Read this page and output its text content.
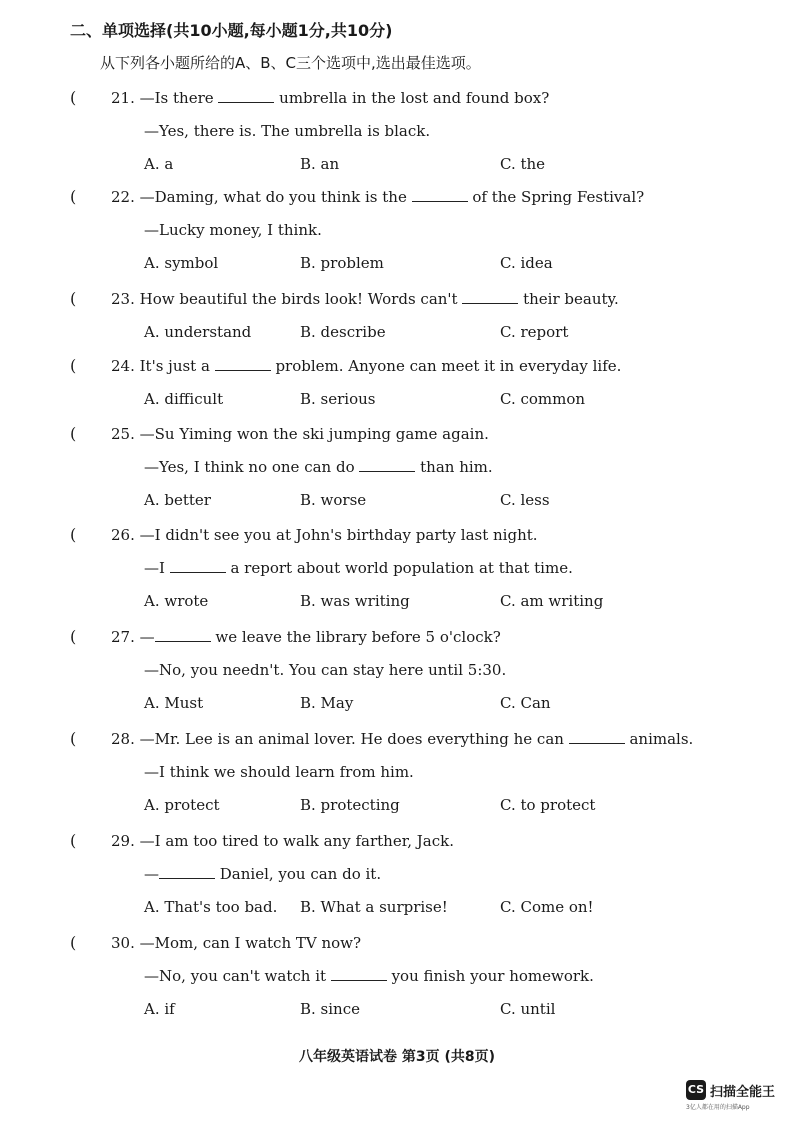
二、单项选择(共10小题,每小题1分,共10分)
从下列各小题所给的A、B、C三个选项中,选出最佳选项。
( 21. —Is there	umbrella in the lost and found box?
—Yes, there is. The umbrella is black.
A. a	B. an	C. the
( 22. —Daming, what do you think is the	of the Spring Festival?
—Lucky money, I think.
A. symbol	B. problem	C. idea
( 23. How beautiful the birds look! Words can't	their beauty.
A. understand	B. describe	C. report
( 24. It's just a	problem. Anyone can meet it in everyday life.
A. difficult	B. serious	C. common
( 25. —Su Yiming won the ski jumping game again.
—Yes, I think no one can do	than him.
A. better	B. worse	C. less
( 26. —I didn't see you at John's birthday party last night.
—I	a report about world population at that time.
A. wrote	B. was writing	C. am writing
( 27. —	we leave the library before 5 o'clock?
—No, you needn't. You can stay here until 5:30.
A. Must	B. May	C. Can
( 28. —Mr. Lee is an animal lover. He does everything he can	animals.
—I think we should learn from him.
A. protect	B. protecting	C. to protect
( 29. —I am too tired to walk any farther, Jack.
—	Daniel, you can do it.
A. That's too bad. B. What a surprise!	C. Come on!
( 30. —Mom, can I watch TV now?
—No, you can't watch it	you finish your homework.
A. if	B. since	C. until
八年级英语试卷 第3页 (共8页)
CS 扫描全能王
3亿人都在用的扫描App
